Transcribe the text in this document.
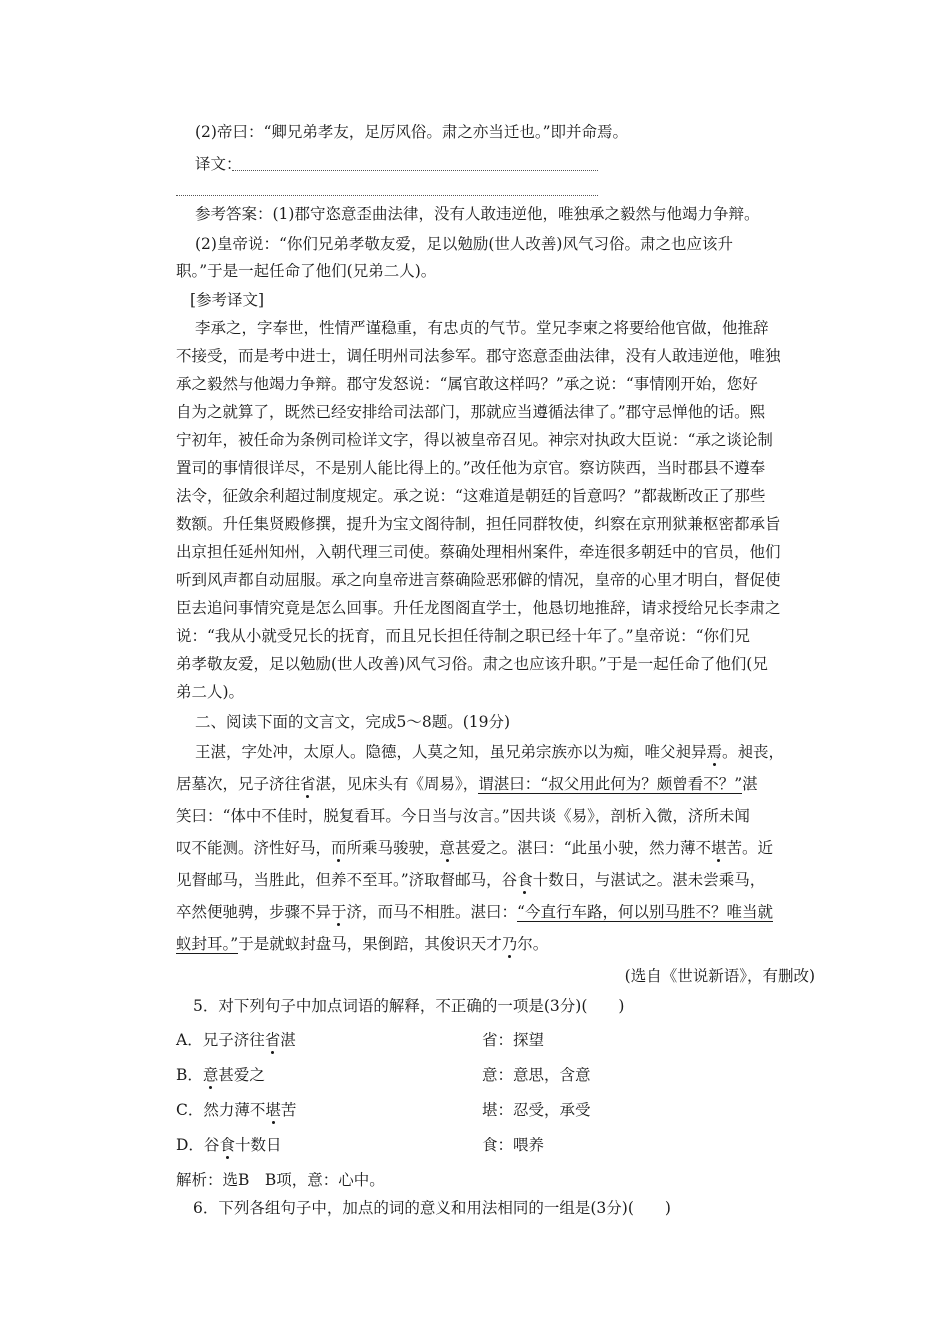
(2)帝曰：“卿兄弟孝友，足厉风俗。肃之亦当迁也。”即并命焉。
译文：
参考答案：(1)郡守恣意歪曲法律，没有人敢违逆他，唯独承之毅然与他竭力争辩。
(2)皇帝说：“你们兄弟孝敬友爱，足以勉励(世人改善)风气习俗。肃之也应该升
职。”于是一起任命了他们(兄弟二人)。
[参考译文]
李承之，字奉世，性情严谨稳重，有忠贞的气节。堂兄李柬之将要给他官做，他推辞
不接受，而是考中进士，调任明州司法参军。郡守恣意歪曲法律，没有人敢违逆他，唯独
承之毅然与他竭力争辩。郡守发怒说：“属官敢这样吗？”承之说：“事情刚开始，您好
自为之就算了，既然已经安排给司法部门，那就应当遵循法律了。”郡守忌惮他的话。熙
宁初年，被任命为条例司检详文字，得以被皇帝召见。神宗对执政大臣说：“承之谈论制
置司的事情很详尽，不是别人能比得上的。”改任他为京官。察访陕西，当时郡县不遵奉
法令，征敛余利超过制度规定。承之说：“这难道是朝廷的旨意吗？”都裁断改正了那些
数额。升任集贤殿修撰，提升为宝文阁待制，担任同群牧使，纠察在京刑狱兼枢密都承旨
出京担任延州知州，入朝代理三司使。蔡确处理相州案件，牵连很多朝廷中的官员，他们
听到风声都自动屈服。承之向皇帝进言蔡确险恶邪僻的情况，皇帝的心里才明白，督促使
臣去追问事情究竟是怎么回事。升任龙图阁直学士，他恳切地推辞，请求授给兄长李肃之
说：“我从小就受兄长的抚育，而且兄长担任待制之职已经十年了。”皇帝说：“你们兄
弟孝敬友爱，足以勉励(世人改善)风气习俗。肃之也应该升职。”于是一起任命了他们(兄
弟二人)。
二、阅读下面的文言文，完成5～8题。(19分)
王湛，字处冲，太原人。隐德，人莫之知，虽兄弟宗族亦以为痴，唯父昶异焉。昶丧，
居墓次，兄子济往省湛，见床头有《周易》，谓湛曰：“叔父用此何为？颇曾看不？”湛
笑曰：“体中不佳时，脱复看耳。今日当与汝言。”因共谈《易》，剖析入微，济所未闻
叹不能测。济性好马，而所乘马骏驶，意甚爱之。湛曰：“此虽小驶，然力薄不堪苦。近
见督邮马，当胜此，但养不至耳。”济取督邮马，谷食十数日，与湛试之。湛未尝乘马，
卒然便驰骋，步骤不异于济，而马不相胜。湛曰：“今直行车路，何以别马胜不？唯当就
蚁封耳。”于是就蚁封盘马，果倒踣，其俊识天才乃尔。
(选自《世说新语》，有删改)
5．对下列句子中加点词语的解释，不正确的一项是(3分)(　　)
A．兄子济往省湛	省：探望
B．意甚爱之	意：意思，含意
C．然力薄不堪苦	堪：忍受，承受
D．谷食十数日	食：喂养
解析：选B　B项，意：心中。
6．下列各组句子中，加点的词的意义和用法相同的一组是(3分)(　　)
